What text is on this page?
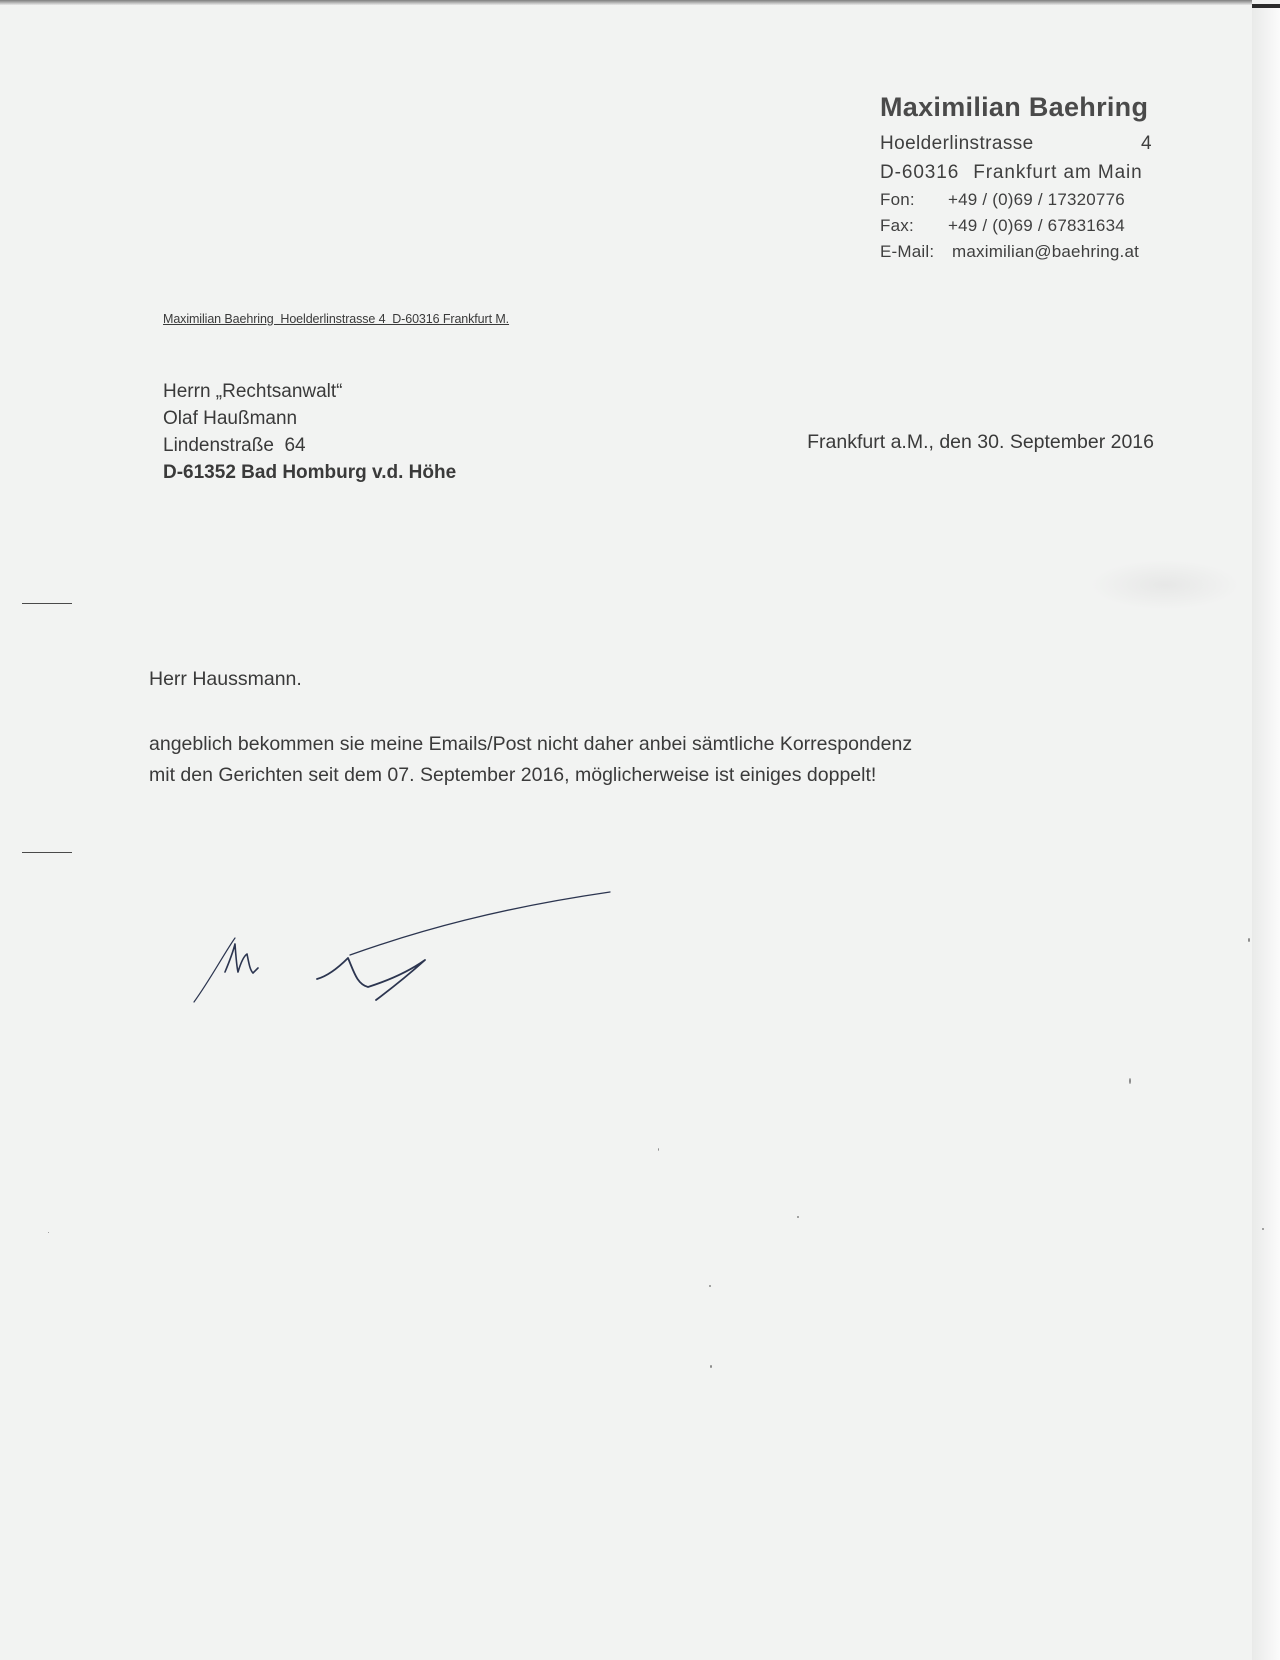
Maximilian Baehring
Hoelderlinstrasse	4
D-60316 Frankfurt am Main
Fon: +49 / (0)69 / 17320776
Fax: +49 / (0)69 / 67831634
E-Mail: maximilian@baehring.at
Maximilian Baehring  Hoelderlinstrasse 4  D-60316 Frankfurt M.
Herrn „Rechtsanwalt“
Olaf Haußmann
Lindenstraße  64
D-61352 Bad Homburg v.d. Höhe
Frankfurt a.M., den 30. September 2016
Herr Haussmann.

angeblich bekommen sie meine Emails/Post nicht daher anbei sämtliche Korrespondenz

mit den Gerichten seit dem 07. September 2016, möglicherweise ist einiges doppelt!
